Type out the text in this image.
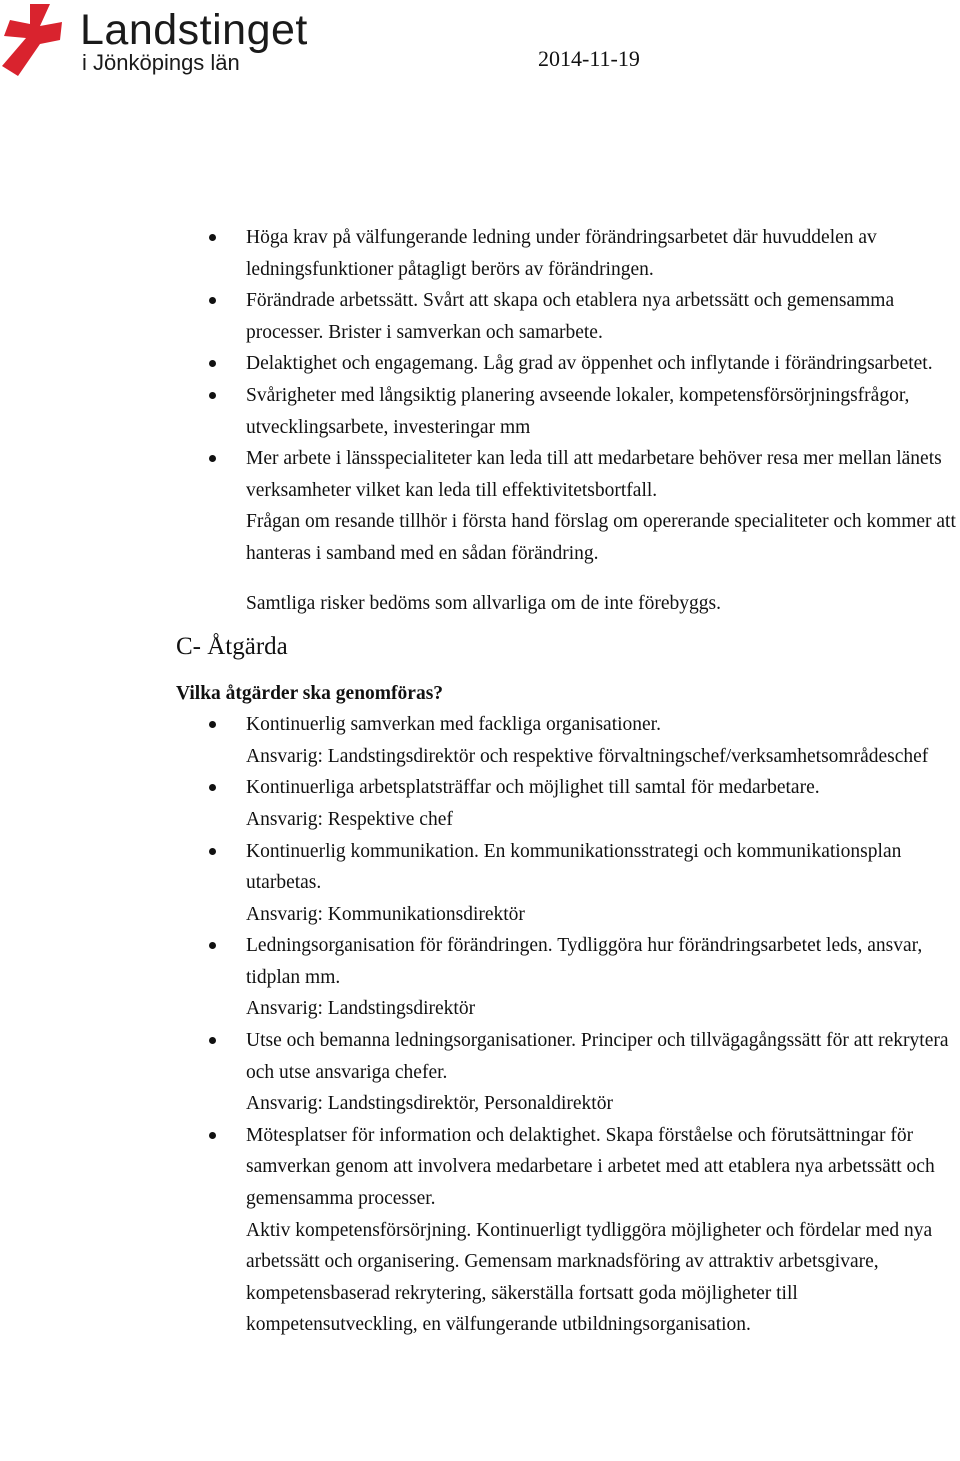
Landstinget
i Jönköpings län	2014-11-19
Höga krav på välfungerande ledning under förändringsarbetet där huvuddelen av ledningsfunktioner påtagligt berörs av förändringen.
Förändrade arbetssätt. Svårt att skapa och etablera nya arbetssätt och gemensamma processer. Brister i samverkan och samarbete.
Delaktighet och engagemang. Låg grad av öppenhet och inflytande i förändringsarbetet.
Svårigheter med långsiktig planering avseende lokaler, kompetensförsörjningsfrågor, utvecklingsarbete, investeringar mm
Mer arbete i länsspecialiteter kan leda till att medarbetare behöver resa mer mellan länets verksamheter vilket kan leda till effektivitetsbortfall.
Frågan om resande tillhör i första hand förslag om opererande specialiteter och kommer att hanteras i samband med en sådan förändring.
Samtliga risker bedöms som allvarliga om de inte förebyggs.
C- Åtgärda
Vilka åtgärder ska genomföras?
Kontinuerlig samverkan med fackliga organisationer.
Ansvarig: Landstingsdirektör och respektive förvaltningschef/verksamhetsområdeschef
Kontinuerliga arbetsplatsträffar och möjlighet till samtal för medarbetare.
Ansvarig: Respektive chef
Kontinuerlig kommunikation. En kommunikationsstrategi och kommunikationsplan utarbetas.
Ansvarig: Kommunikationsdirektör
Ledningsorganisation för förändringen. Tydliggöra hur förändringsarbetet leds, ansvar, tidplan mm.
Ansvarig: Landstingsdirektör
Utse och bemanna ledningsorganisationer. Principer och tillvägagångssätt för att rekrytera och utse ansvariga chefer.
Ansvarig: Landstingsdirektör, Personaldirektör
Mötesplatser för information och delaktighet. Skapa förståelse och förutsättningar för samverkan genom att involvera medarbetare i arbetet med att etablera nya arbetssätt och gemensamma processer.
Aktiv kompetensförsörjning. Kontinuerligt tydliggöra möjligheter och fördelar med nya arbetssätt och organisering. Gemensam marknadsföring av attraktiv arbetsgivare, kompetensbaserad rekrytering, säkerställa fortsatt goda möjligheter till kompetensutveckling, en välfungerande utbildningsorganisation.
